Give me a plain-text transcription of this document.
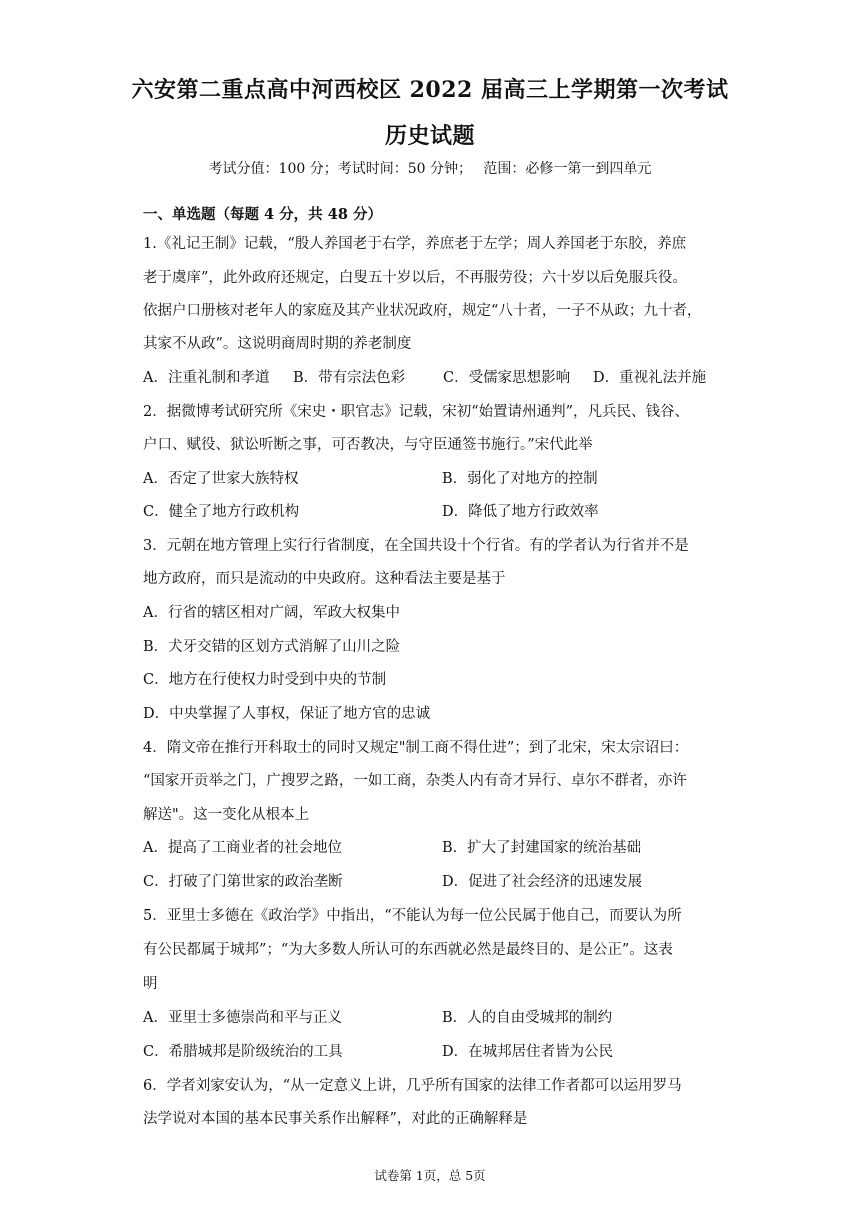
六安第二重点高中河西校区 2022 届高三上学期第一次考试
历史试题
考试分值：100 分；考试时间：50 分钟；　 范围：必修一第一到四单元
一、单选题（每题 4 分，共 48 分）
1.《礼记王制》记载，“殷人养国老于右学，养庶老于左学；周人养国老于东胶，养庶
老于虞庠”，此外政府还规定，白叟五十岁以后，不再服劳役；六十岁以后免服兵役。
依据户口册核对老年人的家庭及其产业状况政府，规定“八十者，一子不从政；九十者，
其家不从政”。这说明商周时期的养老制度
A．注重礼制和孝道 B．带有宗法色彩	C．受儒家思想影响 D．重视礼法并施
2．据微博考试研究所《宋史・职官志》记载，宋初“始置请州通判”，凡兵民、钱谷、
户口、赋役、狱讼听断之事，可否教决，与守臣通签书施行。”宋代此举
A．否定了世家大族特权	B．弱化了对地方的控制
C．健全了地方行政机构	D．降低了地方行政效率
3．元朝在地方管理上实行行省制度，在全国共设十个行省。有的学者认为行省并不是
地方政府，而只是流动的中央政府。这种看法主要是基于
A．行省的辖区相对广阔，军政大权集中
B．犬牙交错的区划方式消解了山川之险
C．地方在行使权力时受到中央的节制
D．中央掌握了人事权，保证了地方官的忠诚
4．隋文帝在推行开科取士的同时又规定"制工商不得仕进”；到了北宋，宋太宗诏曰：
“国家开贡举之门，广搜罗之路，一如工商，杂类人内有奇才异行、卓尔不群者，亦许
解送"。这一变化从根本上
A．提高了工商业者的社会地位	B．扩大了封建国家的统治基础
C．打破了门第世家的政治垄断	D．促进了社会经济的迅速发展
5．亚里士多德在《政治学》中指出，“不能认为每一位公民属于他自己，而要认为所
有公民都属于城邦”；“为大多数人所认可的东西就必然是最终目的、是公正”。这表
明
A．亚里士多德崇尚和平与正义	B．人的自由受城邦的制约
C．希腊城邦是阶级统治的工具	D．在城邦居住者皆为公民
6．学者刘家安认为，“从一定意义上讲，几乎所有国家的法律工作者都可以运用罗马
法学说对本国的基本民事关系作出解释”，对此的正确解释是
试卷第 1页，总 5页
